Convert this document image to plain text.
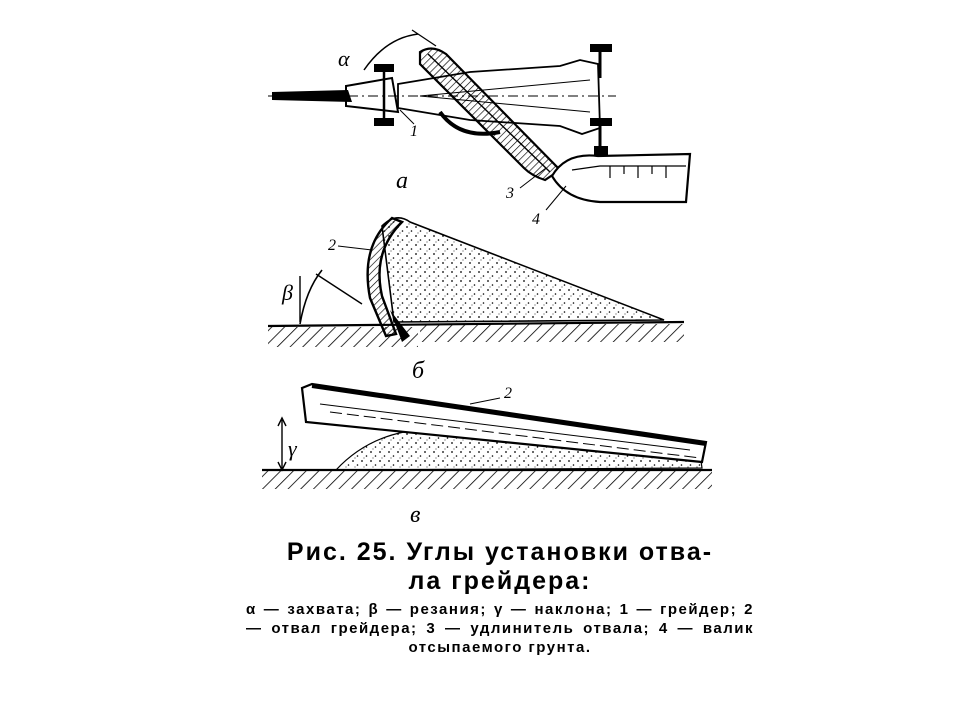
α
1
3
4
а
β
2
б
γ
2
в

Рис. 25. Углы установки отва-
ла грейдера:

α — захвата; β — резания; γ — наклона; 1 — грейдер; 2 — отвал грейдера; 3 — удлинитель отвала; 4 — валик отсыпаемого грунта.
